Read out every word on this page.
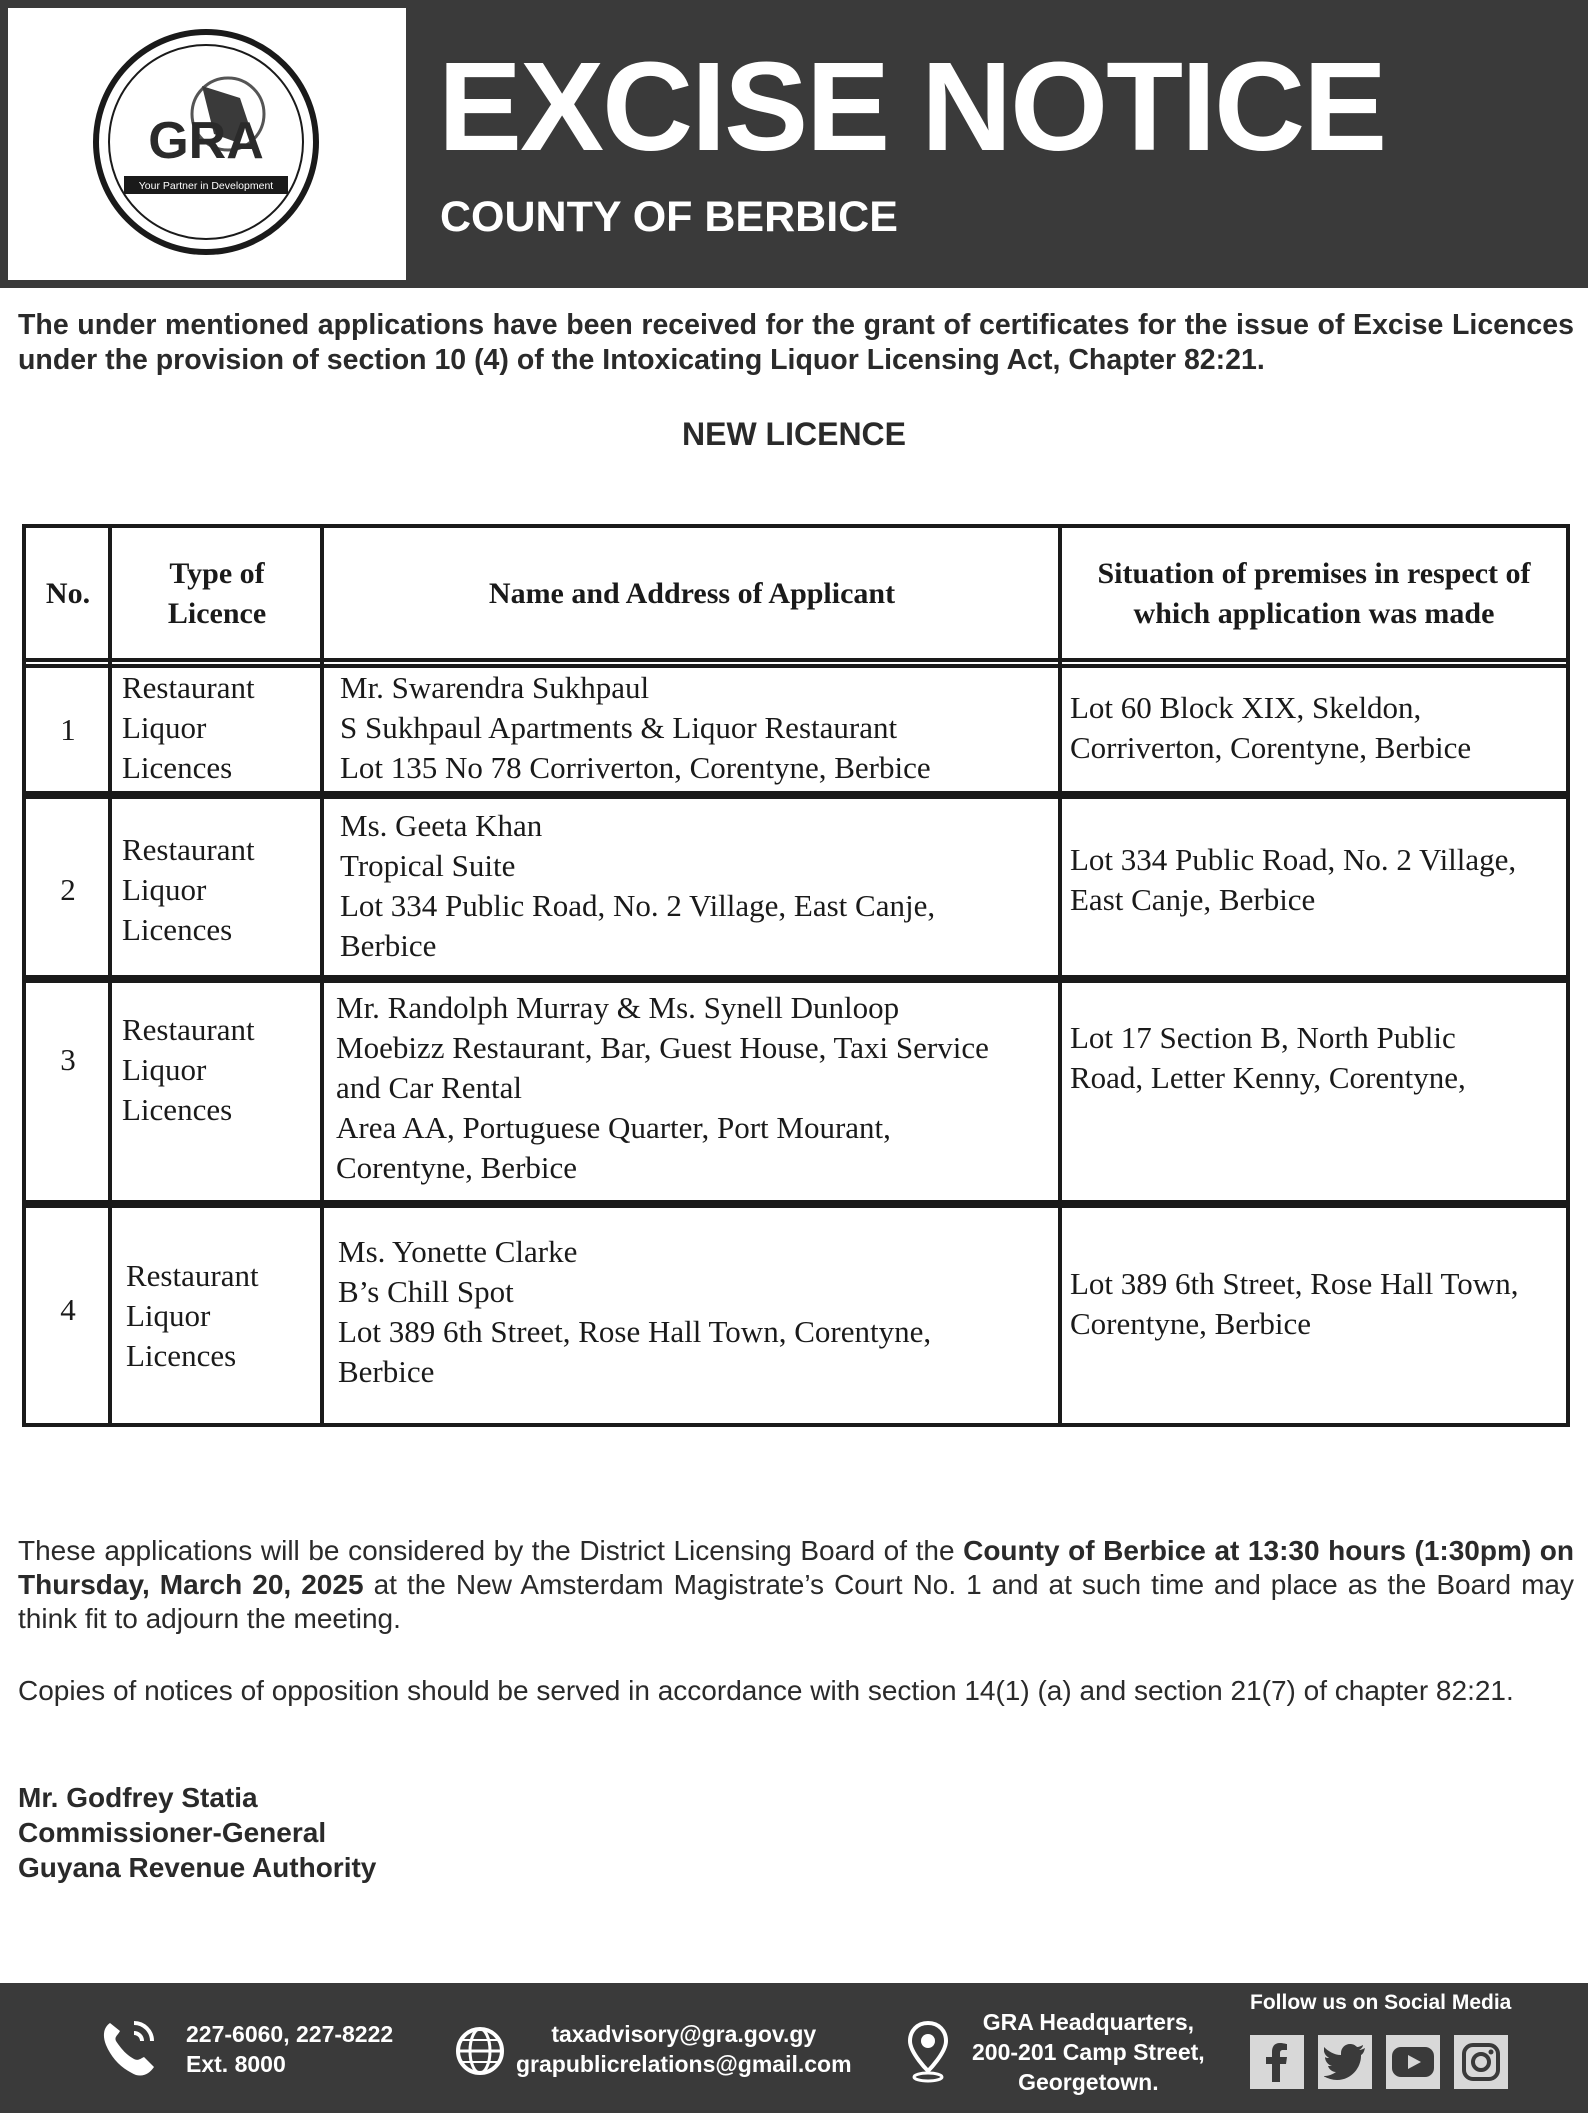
GRA
Your Partner in Development
EXCISE NOTICE
COUNTY OF BERBICE
The under mentioned applications have been received for the grant of certificates for the issue of Excise Licences under the provision of section 10 (4) of the Intoxicating Liquor Licensing Act, Chapter 82:21.
NEW LICENCE
No.
Type of
Licence
Name and Address of Applicant
Situation of premises in respect of
which application was made
1
Restaurant
Liquor
Licences
Mr. Swarendra Sukhpaul
S Sukhpaul Apartments & Liquor Restaurant
Lot 135 No 78 Corriverton, Corentyne, Berbice
Lot 60 Block XIX, Skeldon,
Corriverton, Corentyne, Berbice
2
Restaurant
Liquor
Licences
Ms. Geeta Khan
Tropical Suite
Lot 334 Public Road, No. 2 Village, East Canje,
Berbice
Lot 334 Public Road, No. 2 Village,
East Canje, Berbice
3
Restaurant
Liquor
Licences
Mr. Randolph Murray & Ms. Synell Dunloop
Moebizz Restaurant, Bar, Guest House, Taxi Service
and Car Rental
Area AA, Portuguese Quarter, Port Mourant,
Corentyne, Berbice
Lot 17 Section B, North Public
Road, Letter Kenny, Corentyne,
4
Restaurant
Liquor
Licences
Ms. Yonette Clarke
B’s Chill Spot
Lot 389 6th Street, Rose Hall Town, Corentyne,
Berbice
Lot 389 6th Street, Rose Hall Town,
Corentyne, Berbice
These applications will be considered by the District Licensing Board of the County of Berbice at 13:30 hours (1:30pm) on Thursday, March 20, 2025 at the New Amsterdam Magistrate’s Court No. 1 and at such time and place as the Board may think fit to adjourn the meeting.
Copies of notices of opposition should be served in accordance with section 14(1) (a) and section 21(7) of chapter 82:21.
Mr. Godfrey Statia
Commissioner-General
Guyana Revenue Authority
227-6060, 227-8222
Ext. 8000
taxadvisory@gra.gov.gy
grapublicrelations@gmail.com
GRA Headquarters,
200-201 Camp Street,
Georgetown.
Follow us on Social Media
